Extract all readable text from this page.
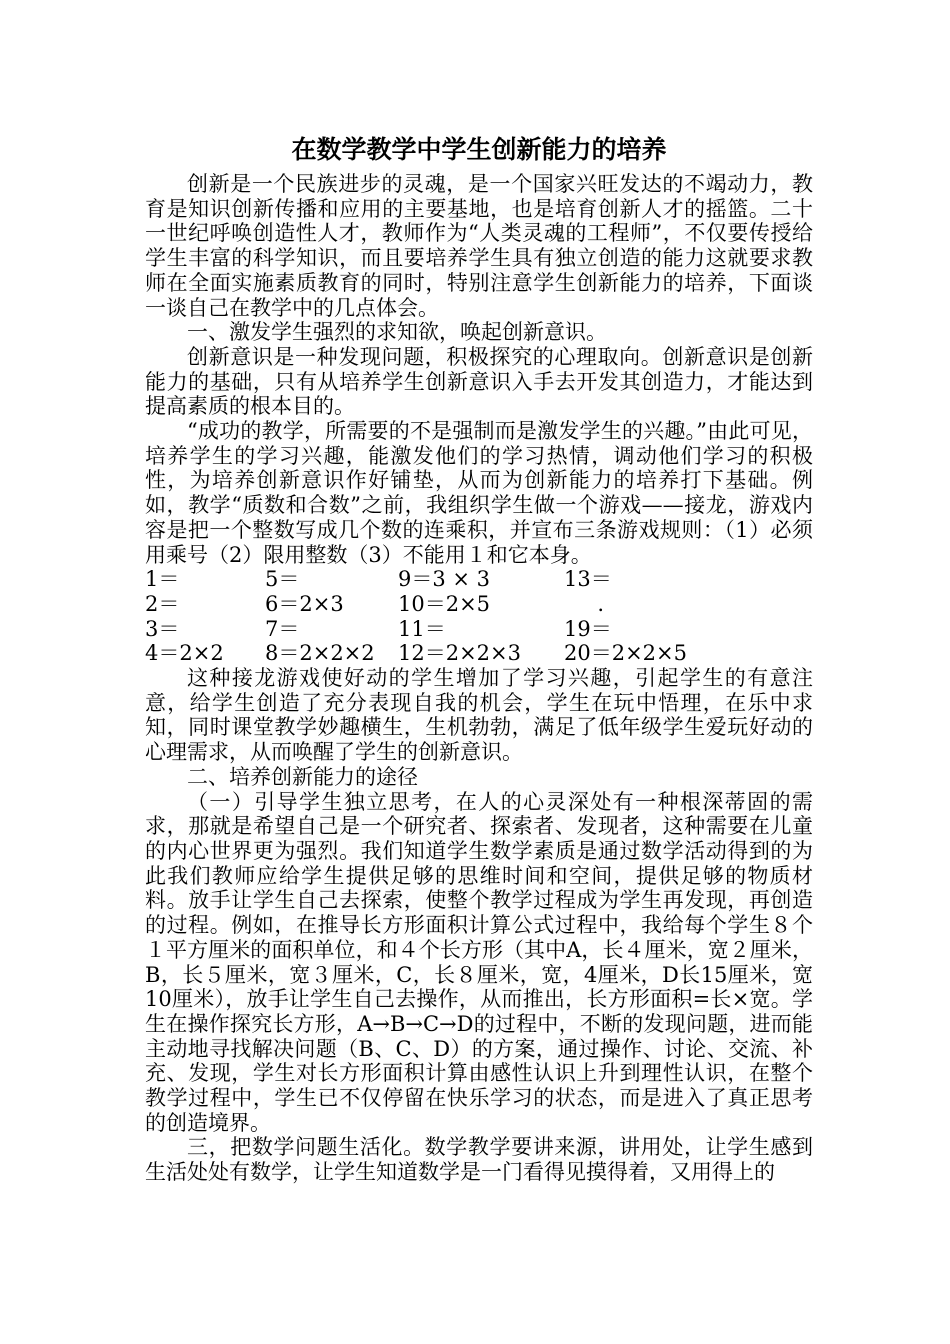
在数学教学中学生创新能力的培养

创新是一个民族进步的灵魂，是一个国家兴旺发达的不竭动力，教育是知识创新传播和应用的主要基地，也是培育创新人才的摇篮。二十一世纪呼唤创造性人才，教师作为“人类灵魂的工程师”，不仅要传授给学生丰富的科学知识，而且要培养学生具有独立创造的能力这就要求教师在全面实施素质教育的同时，特别注意学生创新能力的培养，下面谈一谈自己在教学中的几点体会。

一、激发学生强烈的求知欲，唤起创新意识。

创新意识是一种发现问题，积极探究的心理取向。创新意识是创新能力的基础，只有从培养学生创新意识入手去开发其创造力，才能达到提高素质的根本目的。

“成功的教学，所需要的不是强制而是激发学生的兴趣。”由此可见，培养学生的学习兴趣，能激发他们的学习热情，调动他们学习的积极性，为培养创新意识作好铺垫，从而为创新能力的培养打下基础。例如，教学“质数和合数”之前，我组织学生做一个游戏——接龙，游戏内容是把一个整数写成几个数的连乘积，并宣布三条游戏规则：（1）必须用乘号（2）限用整数（3）不能用１和它本身。

1＝	5＝	9＝3 × 3	13＝
2＝	6＝2×3	10＝2×5	.
3＝	7＝	11＝	19＝
4＝2×2	8＝2×2×2	12＝2×2×3	20＝2×2×5

这种接龙游戏使好动的学生增加了学习兴趣，引起学生的有意注意，给学生创造了充分表现自我的机会，学生在玩中悟理，在乐中求知，同时课堂教学妙趣横生，生机勃勃，满足了低年级学生爱玩好动的心理需求，从而唤醒了学生的创新意识。

二、培养创新能力的途径

（一）引导学生独立思考，在人的心灵深处有一种根深蒂固的需求，那就是希望自己是一个研究者、探索者、发现者，这种需要在儿童的内心世界更为强烈。我们知道学生数学素质是通过数学活动得到的为此我们教师应给学生提供足够的思维时间和空间，提供足够的物质材料。放手让学生自己去探索，使整个教学过程成为学生再发现，再创造的过程。例如，在推导长方形面积计算公式过程中，我给每个学生８个１平方厘米的面积单位，和４个长方形（其中A，长４厘米，宽２厘米，B，长５厘米，宽３厘米，C，长８厘米，宽，4厘米，D长15厘米，宽10厘米），放手让学生自己去操作，从而推出，长方形面积=长×宽。学生在操作探究长方形，A→B→C→D的过程中，不断的发现问题，进而能主动地寻找解决问题（B、C、D）的方案，通过操作、讨论、交流、补充、发现，学生对长方形面积计算由感性认识上升到理性认识，在整个教学过程中，学生已不仅停留在快乐学习的状态，而是进入了真正思考的创造境界。

三，把数学问题生活化。数学教学要讲来源，讲用处，让学生感到生活处处有数学，让学生知道数学是一门看得见摸得着，又用得上的
